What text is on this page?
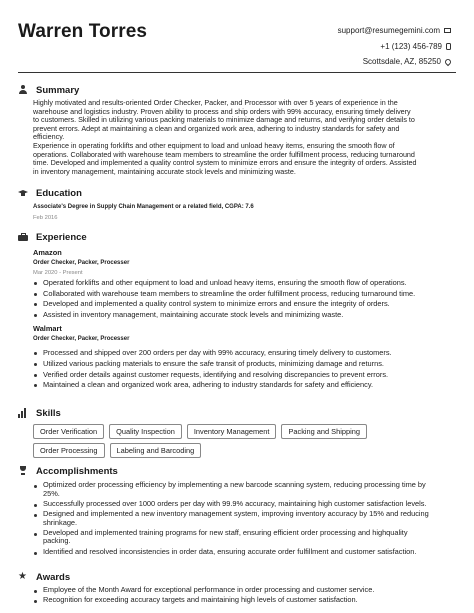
Warren Torres	support@resumegemini.com
+1 (123) 456-789
Scottsdale, AZ, 85250
Summary
Highly motivated and results-oriented Order Checker, Packer, and Processor with over 5 years of experience in the
warehouse and logistics industry. Proven ability to process and ship orders with 99% accuracy, ensuring timely delivery
to customers. Skilled in utilizing various packing materials to minimize damage and returns, and verifying order details to
prevent errors. Adept at maintaining a clean and organized work area, adhering to industry standards for safety and
efficiency.
Experience in operating forklifts and other equipment to load and unload heavy items, ensuring the smooth flow of
operations. Collaborated with warehouse team members to streamline the order fulfillment process, reducing turnaround
time. Developed and implemented a quality control system to minimize errors and ensure the integrity of orders. Assisted
in inventory management, maintaining accurate stock levels and minimizing waste.
Education
Associate's Degree in Supply Chain Management or a related field, CGPA: 7.6
Feb 2016
Experience
Amazon
Order Checker, Packer, Processer
Mar 2020 - Present
Operated forklifts and other equipment to load and unload heavy items, ensuring the smooth flow of operations.
Collaborated with warehouse team members to streamline the order fulfillment process, reducing turnaround time.
Developed and implemented a quality control system to minimize errors and ensure the integrity of orders.
Assisted in inventory management, maintaining accurate stock levels and minimizing waste.
Walmart
Order Checker, Packer, Processer
Processed and shipped over 200 orders per day with 99% accuracy, ensuring timely delivery to customers.
Utilized various packing materials to ensure the safe transit of products, minimizing damage and returns.
Verified order details against customer requests, identifying and resolving discrepancies to prevent errors.
Maintained a clean and organized work area, adhering to industry standards for safety and efficiency.
Skills
Order Verification	Quality Inspection	Inventory Management	Packing and Shipping
Order Processing	Labeling and Barcoding
Accomplishments
Optimized order processing efficiency by implementing a new barcode scanning system, reducing processing time by
25%.
Successfully processed over 1000 orders per day with 99.9% accuracy, maintaining high customer satisfaction levels.
Designed and implemented a new inventory management system, improving inventory accuracy by 15% and reducing
shrinkage.
Developed and implemented training programs for new staff, ensuring efficient order processing and highquality
packing.
Identified and resolved inconsistencies in order data, ensuring accurate order fulfillment and customer satisfaction.
★ Awards
Employee of the Month Award for exceptional performance in order processing and customer service.
Recognition for exceeding accuracy targets and maintaining high levels of customer satisfaction.
